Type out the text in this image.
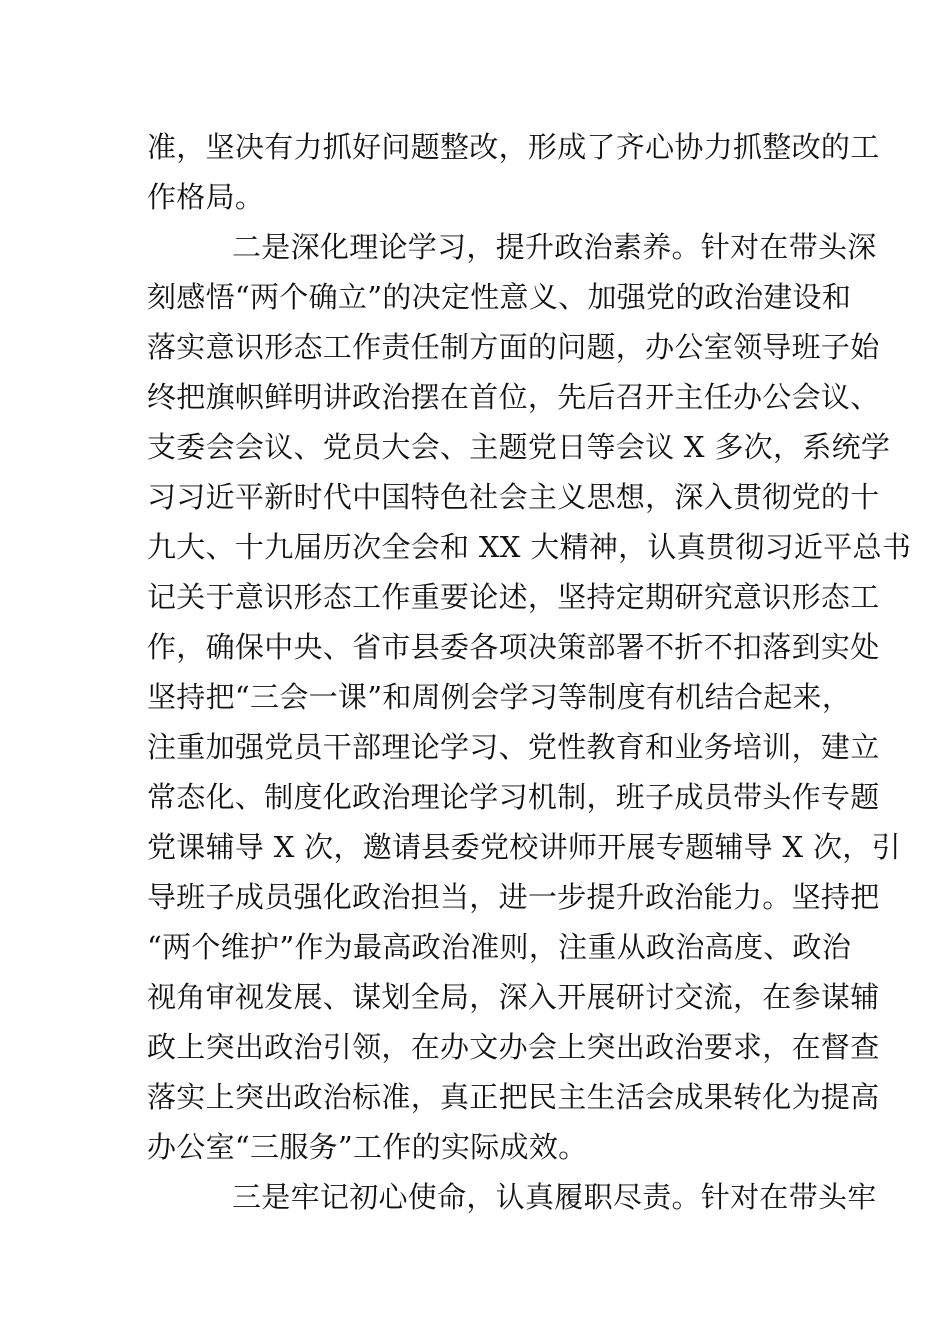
准，坚决有力抓好问题整改，形成了齐心协力抓整改的工
作格局。
二是深化理论学习，提升政治素养。针对在带头深
刻感悟“两个确立”的决定性意义、加强党的政治建设和
落实意识形态工作责任制方面的问题，办公室领导班子始
终把旗帜鲜明讲政治摆在首位，先后召开主任办公会议、
支委会会议、党员大会、主题党日等会议 X 多次，系统学
习习近平新时代中国特色社会主义思想，深入贯彻党的十
九大、十九届历次全会和 XX 大精神，认真贯彻习近平总书
记关于意识形态工作重要论述，坚持定期研究意识形态工
作，确保中央、省市县委各项决策部署不折不扣落到实处
坚持把“三会一课”和周例会学习等制度有机结合起来，
注重加强党员干部理论学习、党性教育和业务培训，建立
常态化、制度化政治理论学习机制，班子成员带头作专题
党课辅导 X 次，邀请县委党校讲师开展专题辅导 X 次，引
导班子成员强化政治担当，进一步提升政治能力。坚持把
“两个维护”作为最高政治准则，注重从政治高度、政治
视角审视发展、谋划全局，深入开展研讨交流，在参谋辅
政上突出政治引领，在办文办会上突出政治要求，在督查
落实上突出政治标准，真正把民主生活会成果转化为提高
办公室“三服务”工作的实际成效。
三是牢记初心使命，认真履职尽责。针对在带头牢
